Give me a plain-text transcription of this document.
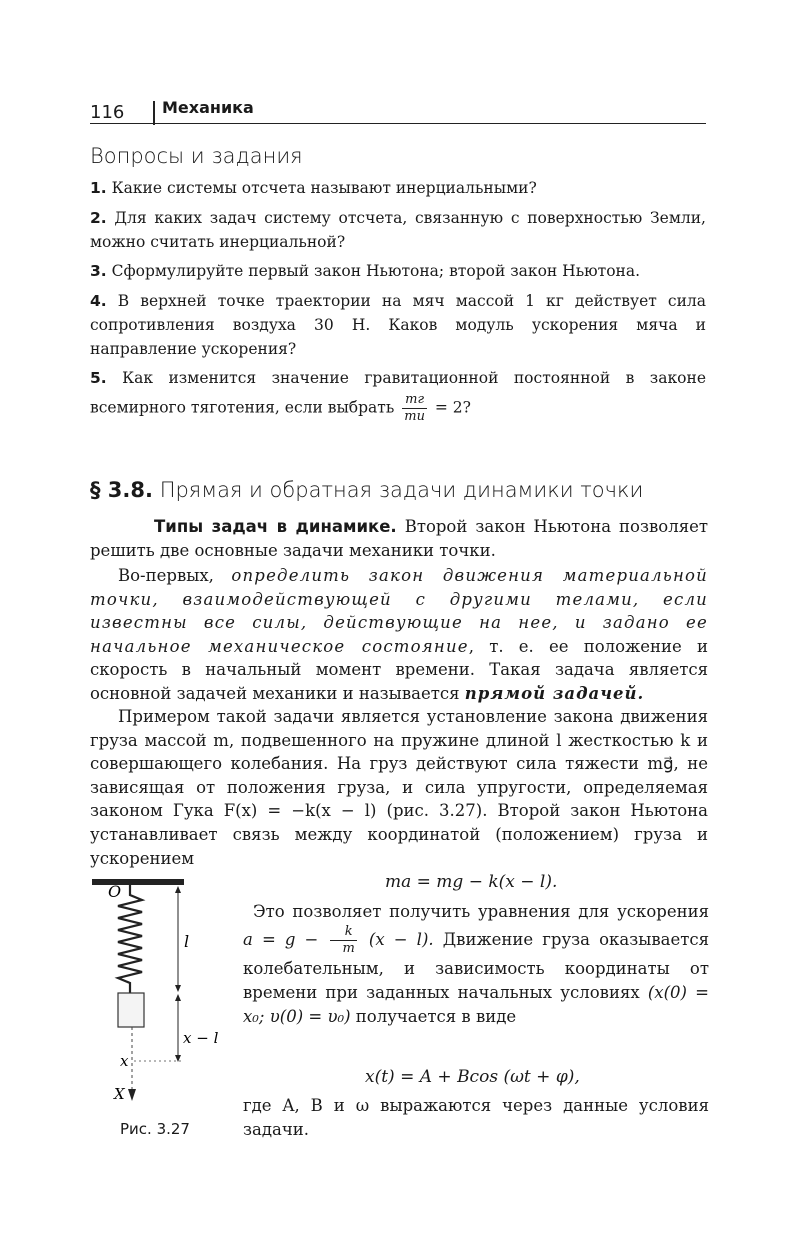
116 Механика
Вопросы и задания
1. Какие системы отсчета называют инерциальными?
2. Для каких задач систему отсчета, связанную с поверхностью Земли, можно считать инерциальной?
3. Сформулируйте первый закон Ньютона; второй закон Ньютона.
4. В верхней точке траектории на мяч массой 1 кг действует сила сопротивления воздуха 30 Н. Каков модуль ускорения мяча и направление ускорения?
5. Как изменится значение гравитационной постоянной в законе всемирного тяготения, если выбрать $\frac{mг}{mи} = 2$?
§ 3.8. Прямая и обратная задачи динамики точки
Типы задач в динамике. Второй закон Ньютона позволяет решить две основные задачи механики точки.
Во-первых, определить закон движения материальной точки, взаимодействующей с другими телами, если известны все силы, действующие на нее, и задано ее начальное механическое состояние, т. е. ее положение и скорость в начальный момент времени. Такая задача является основной задачей механики и называется прямой задачей.
Примером такой задачи является установление закона движения груза массой m, подвешенного на пружине длиной l жесткостью k и совершающего колебания. На груз действуют сила тяжести mg⃗, не зависящая от положения груза, и сила упругости, определяемая законом Гука F(x) = −k(x − l) (рис. 3.27). Второй закон Ньютона устанавливает связь между координатой (положением) груза и ускорением
ma = mg − k(x − l).
Это позволяет получить уравнения для ускорения $a = g - \frac{k}{m} (x - l)$. Движение груза оказывается колебательным, и зависимость координаты от времени при заданных начальных условиях (x(0) = x₀; υ(0) = υ₀) получается в виде
x(t) = A + Bcos (ωt + φ),
где A, B и ω выражаются через данные условия задачи.
O
l
x − l
x
X
Рис. 3.27
